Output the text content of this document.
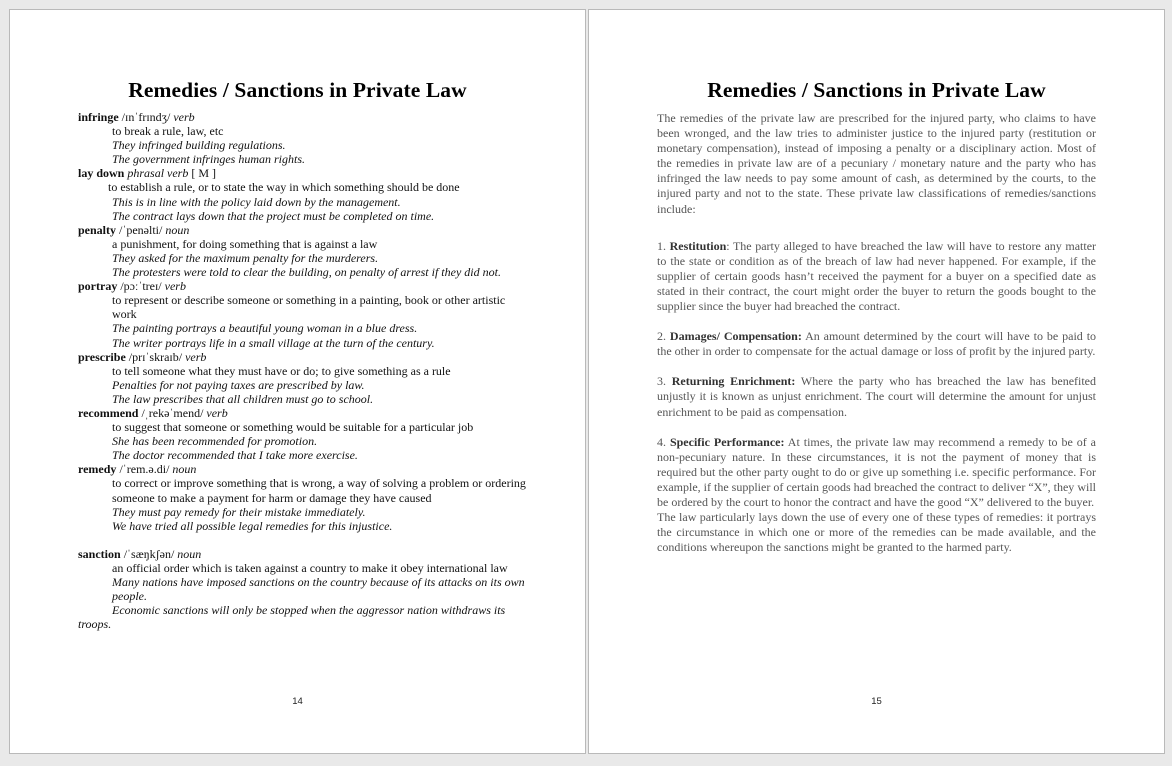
Remedies / Sanctions in Private Law
infringe /ɪnˈfrɪndʒ/ verb
to break a rule, law, etc
They infringed building regulations.
The government infringes human rights.
lay down phrasal verb [ M ]
to establish a rule, or to state the way in which something should be done
This is in line with the policy laid down by the management.
The contract lays down that the project must be completed on time.
penalty /ˈpenəlti/ noun
a punishment, for doing something that is against a law
They asked for the maximum penalty for the murderers.
The protesters were told to clear the building, on penalty of arrest if they did not.
portray /pɔːˈtreɪ/ verb
to represent or describe someone or something in a painting, book or other artistic work
The painting portrays a beautiful young woman in a blue dress.
The writer portrays life in a small village at the turn of the century.
prescribe /prɪˈskraɪb/ verb
to tell someone what they must have or do; to give something as a rule
Penalties for not paying taxes are prescribed by law.
The law prescribes that all children must go to school.
recommend /ˌrekəˈmend/ verb
to suggest that someone or something would be suitable for a particular job
She has been recommended for promotion.
The doctor recommended that I take more exercise.
remedy /ˈrem.ə.di/ noun
to correct or improve something that is wrong, a way of solving a problem or ordering someone to make a payment for harm or damage they have caused
They must pay remedy for their mistake immediately.
We have tried all possible legal remedies for this injustice.
sanction /ˈsæŋkʃən/ noun
an official order which is taken against a country to make it obey international law
Many nations have imposed sanctions on the country because of its attacks on its own people.
Economic sanctions will only be stopped when the aggressor nation withdraws its troops.
14
Remedies / Sanctions in Private Law

The remedies of the private law are prescribed for the injured party, who claims to have been wronged, and the law tries to administer justice to the injured party (restitution or monetary compensation), instead of imposing a penalty or a disciplinary action. Most of the remedies in private law are of a pecuniary / monetary nature and the party who has infringed the law needs to pay some amount of cash, as determined by the courts, to the injured party and not to the state. These private law classifications of remedies/sanctions include:

1. Restitution: The party alleged to have breached the law will have to restore any matter to the state or condition as of the breach of law had never happened. For example, if the supplier of certain goods hasn’t received the payment for a buyer on a specified date as stated in their contract, the court might order the buyer to return the goods bought to the supplier since the buyer had breached the contract.

2. Damages/ Compensation: An amount determined by the court will have to be paid to the other in order to compensate for the actual damage or loss of profit by the injured party.

3. Returning Enrichment: Where the party who has breached the law has benefited unjustly it is known as unjust enrichment. The court will determine the amount for unjust enrichment to be paid as compensation.

4. Specific Performance: At times, the private law may recommend a remedy to be of a non-pecuniary nature. In these circumstances, it is not the payment of money that is required but the other party ought to do or give up something i.e. specific performance. For example, if the supplier of certain goods had breached the contract to deliver “X”, they will be ordered by the court to honor the contract and have the good “X” delivered to the buyer.

The law particularly lays down the use of every one of these types of remedies: it portrays the circumstance in which one or more of the remedies can be made available, and the conditions whereupon the sanctions might be granted to the harmed party.

15
